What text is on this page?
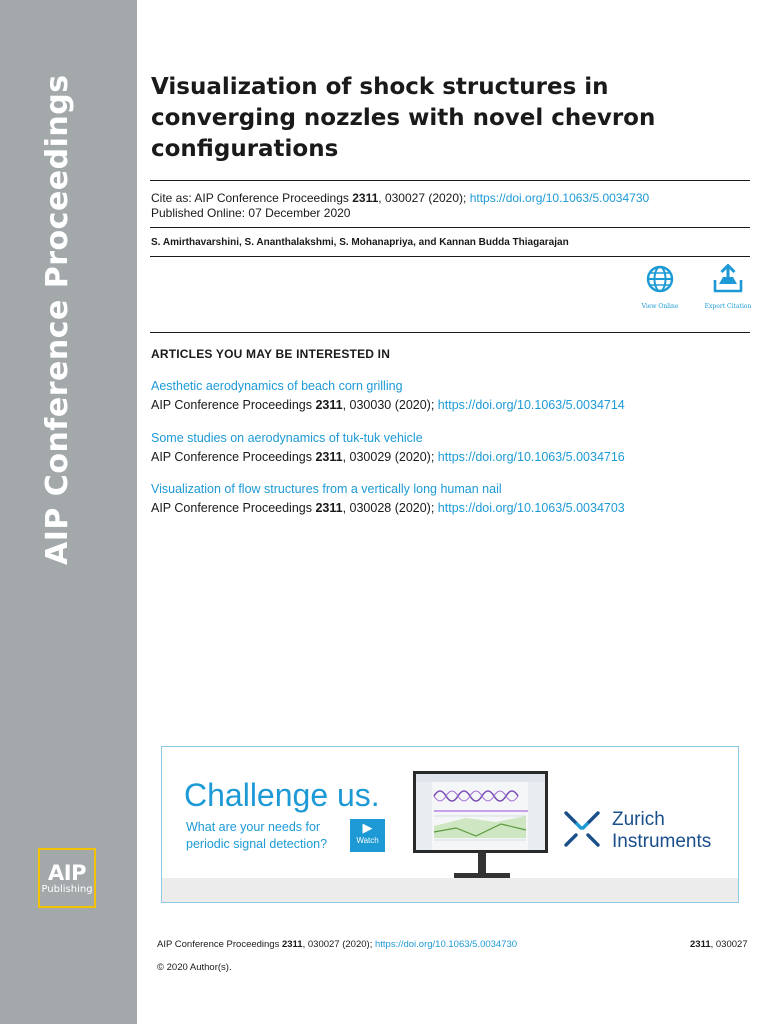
AIP Conference Proceedings
AIP
Publishing
Visualization of shock structures in converging nozzles with novel chevron configurations
Cite as: AIP Conference Proceedings 2311, 030027 (2020); https://doi.org/10.1063/5.0034730
Published Online: 07 December 2020
S. Amirthavarshini, S. Ananthalakshmi, S. Mohanapriya, and Kannan Budda Thiagarajan
View Online	Export Citation
ARTICLES YOU MAY BE INTERESTED IN
Aesthetic aerodynamics of beach corn grilling
AIP Conference Proceedings 2311, 030030 (2020); https://doi.org/10.1063/5.0034714
Some studies on aerodynamics of tuk-tuk vehicle
AIP Conference Proceedings 2311, 030029 (2020); https://doi.org/10.1063/5.0034716
Visualization of flow structures from a vertically long human nail
AIP Conference Proceedings 2311, 030028 (2020); https://doi.org/10.1063/5.0034703
Challenge us.
What are your needs for periodic signal detection?
▶
Watch
Zurich
Instruments
AIP Conference Proceedings 2311, 030027 (2020); https://doi.org/10.1063/5.0034730	2311, 030027
© 2020 Author(s).
